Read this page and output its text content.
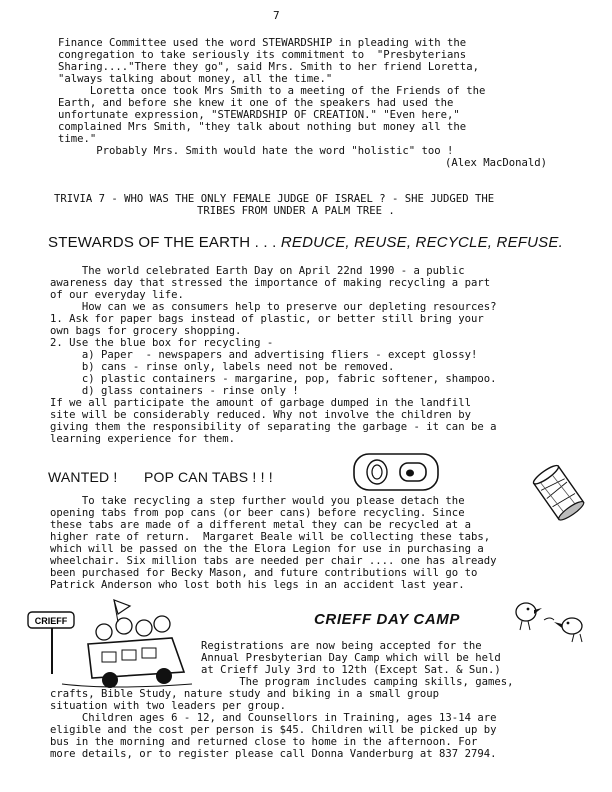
7
Finance Committee used the word STEWARDSHIP in pleading with the
congregation to take seriously its commitment to  "Presbyterians
Sharing...."There they go", said Mrs. Smith to her friend Loretta,
"always talking about money, all the time."
Loretta once took Mrs Smith to a meeting of the Friends of the
Earth, and before she knew it one of the speakers had used the
unfortunate expression, "STEWARDSHIP OF CREATION." "Even here,"
complained Mrs Smith, "they talk about nothing but money all the
time."
Probably Mrs. Smith would hate the word "holistic" too !
(Alex MacDonald)
TRIVIA 7 - WHO WAS THE ONLY FEMALE JUDGE OF ISRAEL ? - SHE JUDGED THE
TRIBES FROM UNDER A PALM TREE .
STEWARDS OF THE EARTH . . . REDUCE, REUSE, RECYCLE, REFUSE.
The world celebrated Earth Day on April 22nd 1990 - a public
awareness day that stressed the importance of making recycling a part
of our everyday life.
How can we as consumers help to preserve our depleting resources?
1. Ask for paper bags instead of plastic, or better still bring your
own bags for grocery shopping.
2. Use the blue box for recycling -
a) Paper  - newspapers and advertising fliers - except glossy!
b) cans - rinse only, labels need not be removed.
c) plastic containers - margarine, pop, fabric softener, shampoo.
d) glass containers - rinse only !
If we all participate the amount of garbage dumped in the landfill
site will be considerably reduced. Why not involve the children by
giving them the responsibility of separating the garbage - it can be a
learning experience for them.
WANTED ! POP CAN TABS ! ! !
To take recycling a step further would you please detach the
opening tabs from pop cans (or beer cans) before recycling. Since
these tabs are made of a different metal they can be recycled at a
higher rate of return.  Margaret Beale will be collecting these tabs,
which will be passed on the the Elora Legion for use in purchasing a
wheelchair. Six million tabs are needed per chair .... one has already
been purchased for Becky Mason, and future contributions will go to
Patrick Anderson who lost both his legs in an accident last year.
CRIEFF	CRIEFF DAY CAMP
Registrations are now being accepted for the
Annual Presbyterian Day Camp which will be held
at Crieff July 3rd to 12th (Except Sat. & Sun.)
The program includes camping skills, games,
crafts, Bible Study, nature study and biking in a small group
situation with two leaders per group.
Children ages 6 - 12, and Counsellors in Training, ages 13-14 are
eligible and the cost per person is $45. Children will be picked up by
bus in the morning and returned close to home in the afternoon. For
more details, or to register please call Donna Vanderburg at 837 2794.
